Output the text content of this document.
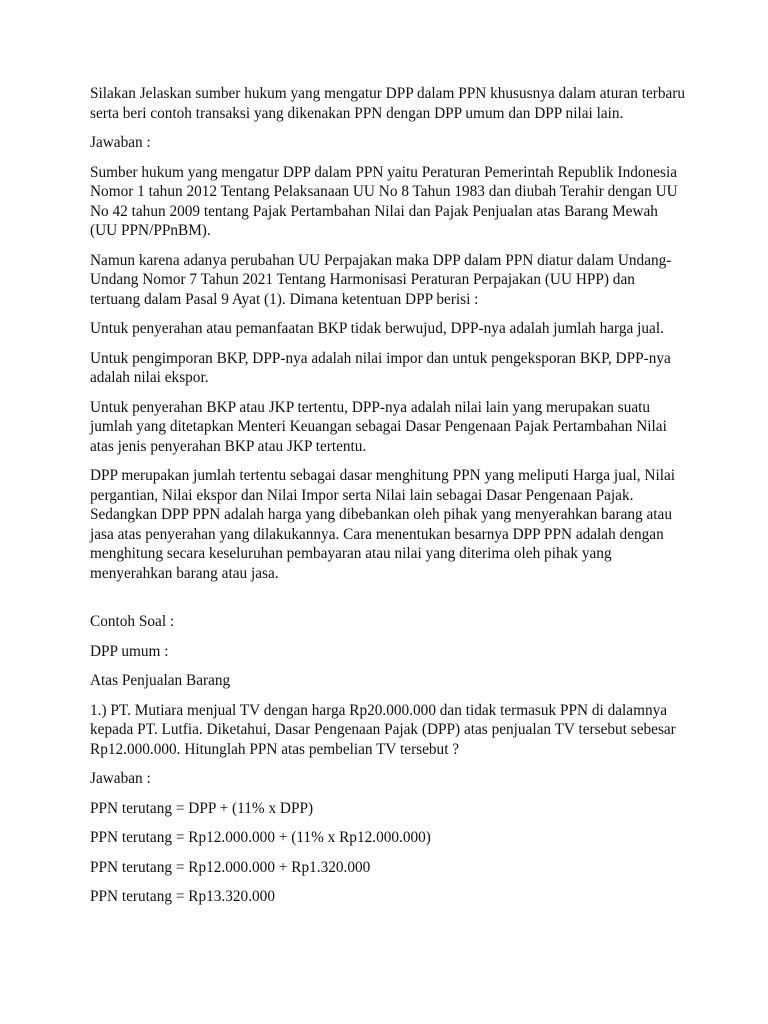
Silakan Jelaskan sumber hukum yang mengatur DPP dalam PPN khususnya dalam aturan terbaru
serta beri contoh transaksi yang dikenakan PPN dengan DPP umum dan DPP nilai lain.

Jawaban :

Sumber hukum yang mengatur DPP dalam PPN yaitu Peraturan Pemerintah Republik Indonesia
Nomor 1 tahun 2012 Tentang Pelaksanaan UU No 8 Tahun 1983 dan diubah Terahir dengan UU
No 42 tahun 2009 tentang Pajak Pertambahan Nilai dan Pajak Penjualan atas Barang Mewah
(UU PPN/PPnBM).

Namun karena adanya perubahan UU Perpajakan maka DPP dalam PPN diatur dalam Undang-
Undang Nomor 7 Tahun 2021 Tentang Harmonisasi Peraturan Perpajakan (UU HPP) dan
tertuang dalam Pasal 9 Ayat (1). Dimana ketentuan DPP berisi :

Untuk penyerahan atau pemanfaatan BKP tidak berwujud, DPP-nya adalah jumlah harga jual.

Untuk pengimporan BKP, DPP-nya adalah nilai impor dan untuk pengeksporan BKP, DPP-nya
adalah nilai ekspor.

Untuk penyerahan BKP atau JKP tertentu, DPP-nya adalah nilai lain yang merupakan suatu
jumlah yang ditetapkan Menteri Keuangan sebagai Dasar Pengenaan Pajak Pertambahan Nilai
atas jenis penyerahan BKP atau JKP tertentu.

DPP merupakan jumlah tertentu sebagai dasar menghitung PPN yang meliputi Harga jual, Nilai
pergantian, Nilai ekspor dan Nilai Impor serta Nilai lain sebagai Dasar Pengenaan Pajak.
Sedangkan DPP PPN adalah harga yang dibebankan oleh pihak yang menyerahkan barang atau
jasa atas penyerahan yang dilakukannya. Cara menentukan besarnya DPP PPN adalah dengan
menghitung secara keseluruhan pembayaran atau nilai yang diterima oleh pihak yang
menyerahkan barang atau jasa.

Contoh Soal :

DPP umum :

Atas Penjualan Barang

1.) PT. Mutiara menjual TV dengan harga Rp20.000.000 dan tidak termasuk PPN di dalamnya
kepada PT. Lutfia. Diketahui, Dasar Pengenaan Pajak (DPP) atas penjualan TV tersebut sebesar
Rp12.000.000. Hitunglah PPN atas pembelian TV tersebut ?

Jawaban :

PPN terutang = DPP + (11% x DPP)

PPN terutang = Rp12.000.000 + (11% x Rp12.000.000)

PPN terutang = Rp12.000.000 + Rp1.320.000

PPN terutang = Rp13.320.000
